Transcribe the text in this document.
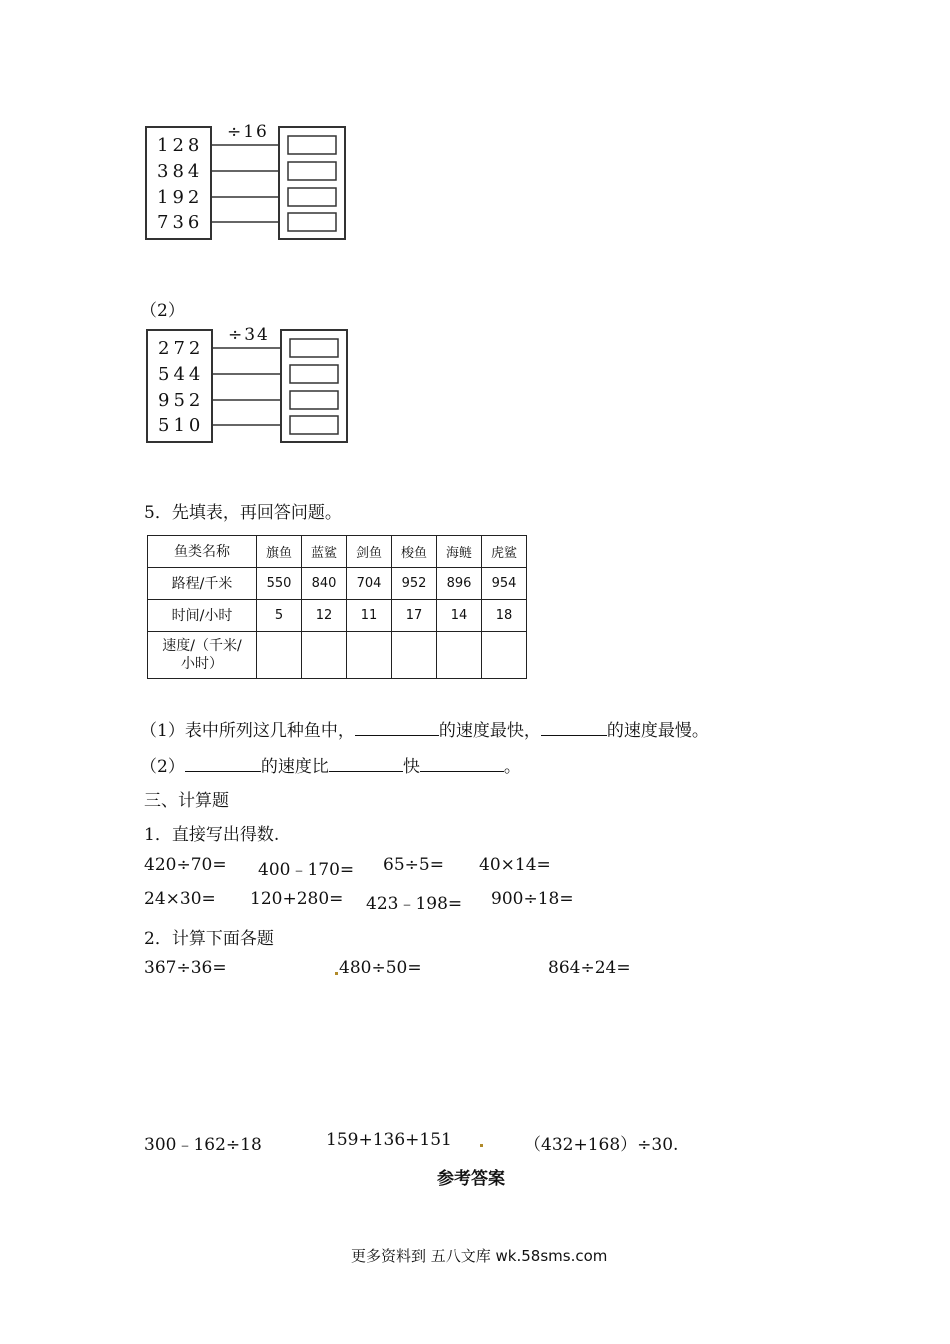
÷16
128
384
192
736
（2）
÷34
272
544
952
510
5．先填表，再回答问题。
鱼类名称	旗鱼	蓝鲨	剑鱼	梭鱼	海鲢	虎鲨
路程/千米	550	840	704	952	896	954
时间/小时	5	12	11	17	14	18
速度/（千米/
小时）						
（1）表中所列这几种鱼中，	的速度最快，	的速度最慢。
（2）	的速度比	快	。
三、计算题
1．直接写出得数.
420÷70= 400﹣170= 65÷5= 40×14=
24×30= 120+280= 423﹣198= 900÷18=
2．计算下面各题
367÷36=	480÷50=	864÷24=
300﹣162÷18	159+136+151	（432+168）÷30.
参考答案
更多资料到 五八文库 wk.58sms.com
